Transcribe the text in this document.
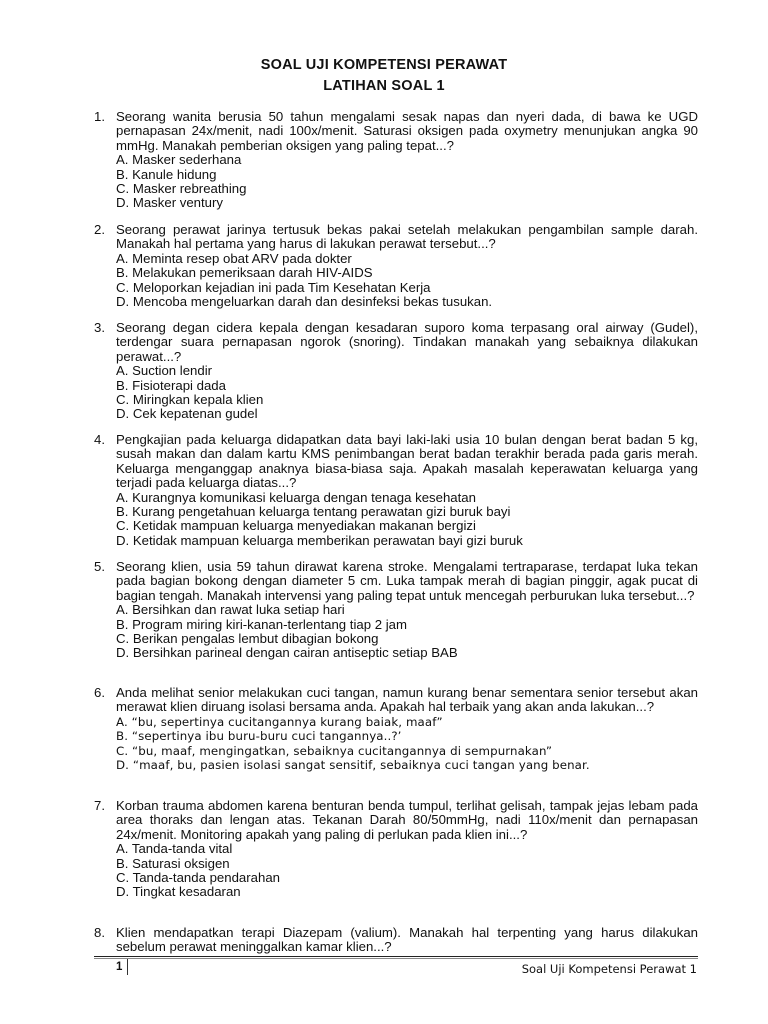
SOAL UJI KOMPETENSI PERAWAT
LATIHAN SOAL 1
1. Seorang wanita berusia 50 tahun mengalami sesak napas dan nyeri dada, di bawa ke UGD pernapasan 24x/menit, nadi 100x/menit. Saturasi oksigen pada oxymetry menunjukan angka 90 mmHg. Manakah pemberian oksigen yang paling tepat...?
A. Masker sederhana
B. Kanule hidung
C. Masker rebreathing
D. Masker ventury
2. Seorang perawat jarinya tertusuk bekas pakai setelah melakukan pengambilan sample darah. Manakah hal pertama yang harus di lakukan perawat tersebut...?
A. Meminta resep obat ARV pada dokter
B. Melakukan pemeriksaan darah HIV-AIDS
C. Meloporkan kejadian ini pada Tim Kesehatan Kerja
D. Mencoba mengeluarkan darah dan desinfeksi bekas tusukan.
3. Seorang degan cidera kepala dengan kesadaran suporo koma terpasang oral airway (Gudel), terdengar suara pernapasan ngorok (snoring). Tindakan manakah yang sebaiknya dilakukan perawat...?
A. Suction lendir
B. Fisioterapi dada
C. Miringkan kepala klien
D. Cek kepatenan gudel
4. Pengkajian pada keluarga didapatkan data bayi laki-laki usia 10 bulan dengan berat badan 5 kg, susah makan dan dalam kartu KMS penimbangan berat badan terakhir berada pada garis merah. Keluarga menganggap anaknya biasa-biasa saja. Apakah masalah keperawatan keluarga yang terjadi pada keluarga diatas...?
A. Kurangnya komunikasi keluarga dengan tenaga kesehatan
B. Kurang pengetahuan keluarga tentang perawatan gizi buruk bayi
C. Ketidak mampuan keluarga menyediakan makanan bergizi
D. Ketidak mampuan keluarga memberikan perawatan bayi gizi buruk
5. Seorang klien, usia 59 tahun dirawat karena stroke. Mengalami tertraparase, terdapat luka tekan pada bagian bokong dengan diameter 5 cm. Luka tampak merah di bagian pinggir, agak pucat di bagian tengah. Manakah intervensi yang paling tepat untuk mencegah perburukan luka tersebut...?
A. Bersihkan dan rawat luka setiap hari
B. Program miring kiri-kanan-terlentang tiap 2 jam
C. Berikan pengalas lembut dibagian bokong
D. Bersihkan parineal dengan cairan antiseptic setiap BAB
6. Anda melihat senior melakukan cuci tangan, namun kurang benar sementara senior tersebut akan merawat klien diruang isolasi bersama anda. Apakah hal terbaik yang akan anda lakukan...?
A. “bu, sepertinya cucitangannya kurang baiak, maaf”
B. “sepertinya ibu buru-buru cuci tangannya..?’
C. “bu, maaf, mengingatkan, sebaiknya cucitangannya di sempurnakan”
D. “maaf, bu, pasien isolasi sangat sensitif, sebaiknya cuci tangan yang benar.
7. Korban trauma abdomen karena benturan benda tumpul, terlihat gelisah, tampak jejas lebam pada area thoraks dan lengan atas. Tekanan Darah 80/50mmHg, nadi 110x/menit dan pernapasan 24x/menit. Monitoring apakah yang paling di perlukan pada klien ini...?
A. Tanda-tanda vital
B. Saturasi oksigen
C. Tanda-tanda pendarahan
D. Tingkat kesadaran
8. Klien mendapatkan terapi Diazepam (valium). Manakah hal terpenting yang harus dilakukan sebelum perawat meninggalkan kamar klien...?
1	Soal Uji Kompetensi Perawat 1
